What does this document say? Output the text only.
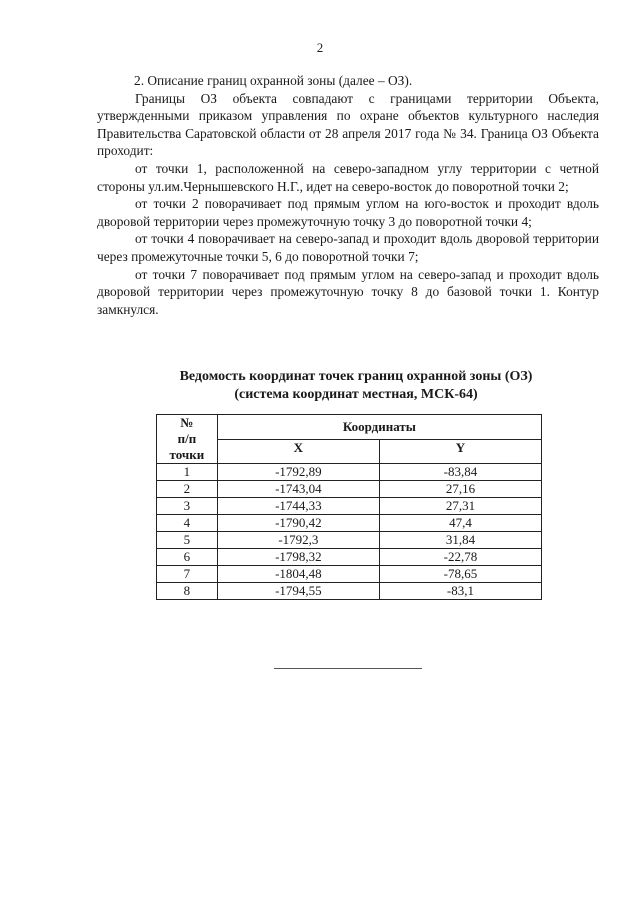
2

2. Описание границ охранной зоны (далее – ОЗ).

Границы ОЗ объекта совпадают с границами территории Объекта, утвержденными приказом управления по охране объектов культурного наследия Правительства Саратовской области от 28 апреля 2017 года № 34. Граница ОЗ Объекта проходит:

от точки 1, расположенной на северо-западном углу территории с четной стороны ул.им.Чернышевского Н.Г., идет на северо-восток до поворотной точки 2;

от точки 2 поворачивает под прямым углом на юго-восток и проходит вдоль дворовой территории через промежуточную точку 3 до поворотной точки 4;

от точки 4 поворачивает на северо-запад и проходит вдоль дворовой территории через промежуточные точки 5, 6 до поворотной точки 7;

от точки 7 поворачивает под прямым углом на северо-запад и проходит вдоль дворовой территории через промежуточную точку 8 до базовой точки 1. Контур замкнулся.

Ведомость координат точек границ охранной зоны (ОЗ)
(система координат местная, МСК-64)
№
п/п
точки	Координаты	
	X	Y
1	-1792,89	-83,84
2	-1743,04	27,16
3	-1744,33	27,31
4	-1790,42	47,4
5	-1792,3	31,84
6	-1798,32	-22,78
7	-1804,48	-78,65
8	-1794,55	-83,1
